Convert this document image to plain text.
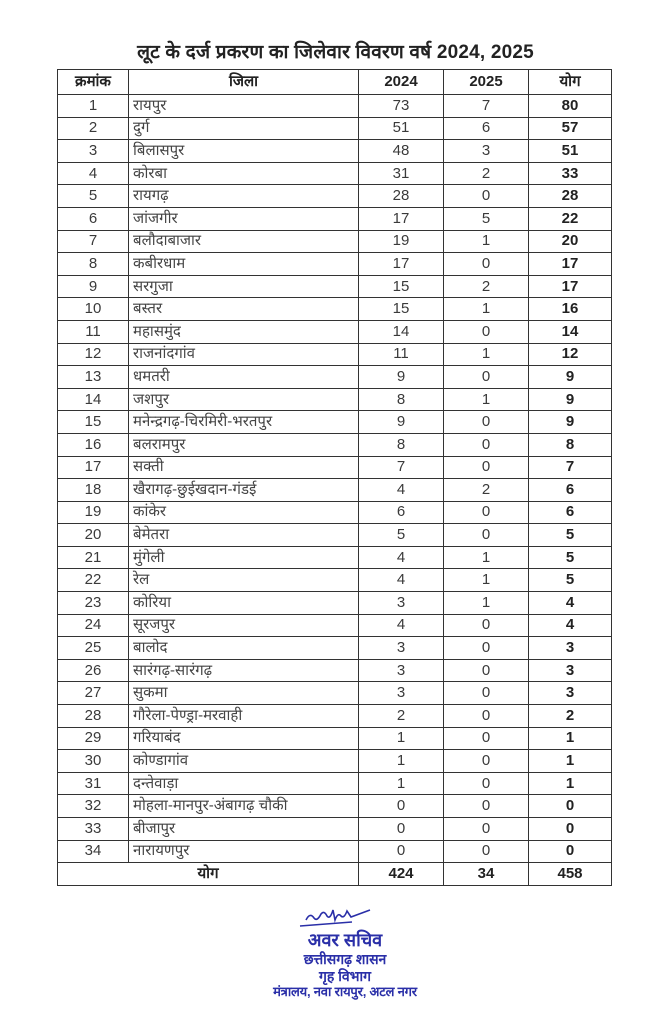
लूट के दर्ज प्रकरण का जिलेवार विवरण वर्ष 2024, 2025
क्रमांक	जिला	2024	2025	योग
1	रायपुर	73	7	80
2	दुर्ग	51	6	57
3	बिलासपुर	48	3	51
4	कोरबा	31	2	33
5	रायगढ़	28	0	28
6	जांजगीर	17	5	22
7	बलौदाबाजार	19	1	20
8	कबीरधाम	17	0	17
9	सरगुजा	15	2	17
10	बस्तर	15	1	16
11	महासमुंद	14	0	14
12	राजनांदगांव	11	1	12
13	धमतरी	9	0	9
14	जशपुर	8	1	9
15	मनेन्द्रगढ़-चिरमिरी-भरतपुर	9	0	9
16	बलरामपुर	8	0	8
17	सक्ती	7	0	7
18	खैरागढ़-छुईखदान-गंडई	4	2	6
19	कांकेर	6	0	6
20	बेमेतरा	5	0	5
21	मुंगेली	4	1	5
22	रेल	4	1	5
23	कोरिया	3	1	4
24	सूरजपुर	4	0	4
25	बालोद	3	0	3
26	सारंगढ़-सारंगढ़	3	0	3
27	सुकमा	3	0	3
28	गौरेला-पेण्ड्रा-मरवाही	2	0	2
29	गरियाबंद	1	0	1
30	कोण्डागांव	1	0	1
31	दन्तेवाड़ा	1	0	1
32	मोहला-मानपुर-अंबागढ़ चौकी	0	0	0
33	बीजापुर	0	0	0
34	नारायणपुर	0	0	0
योग		424	34	458
अवर सचिव
छत्तीसगढ़ शासन
गृह विभाग
मंत्रालय, नवा रायपुर, अटल नगर
